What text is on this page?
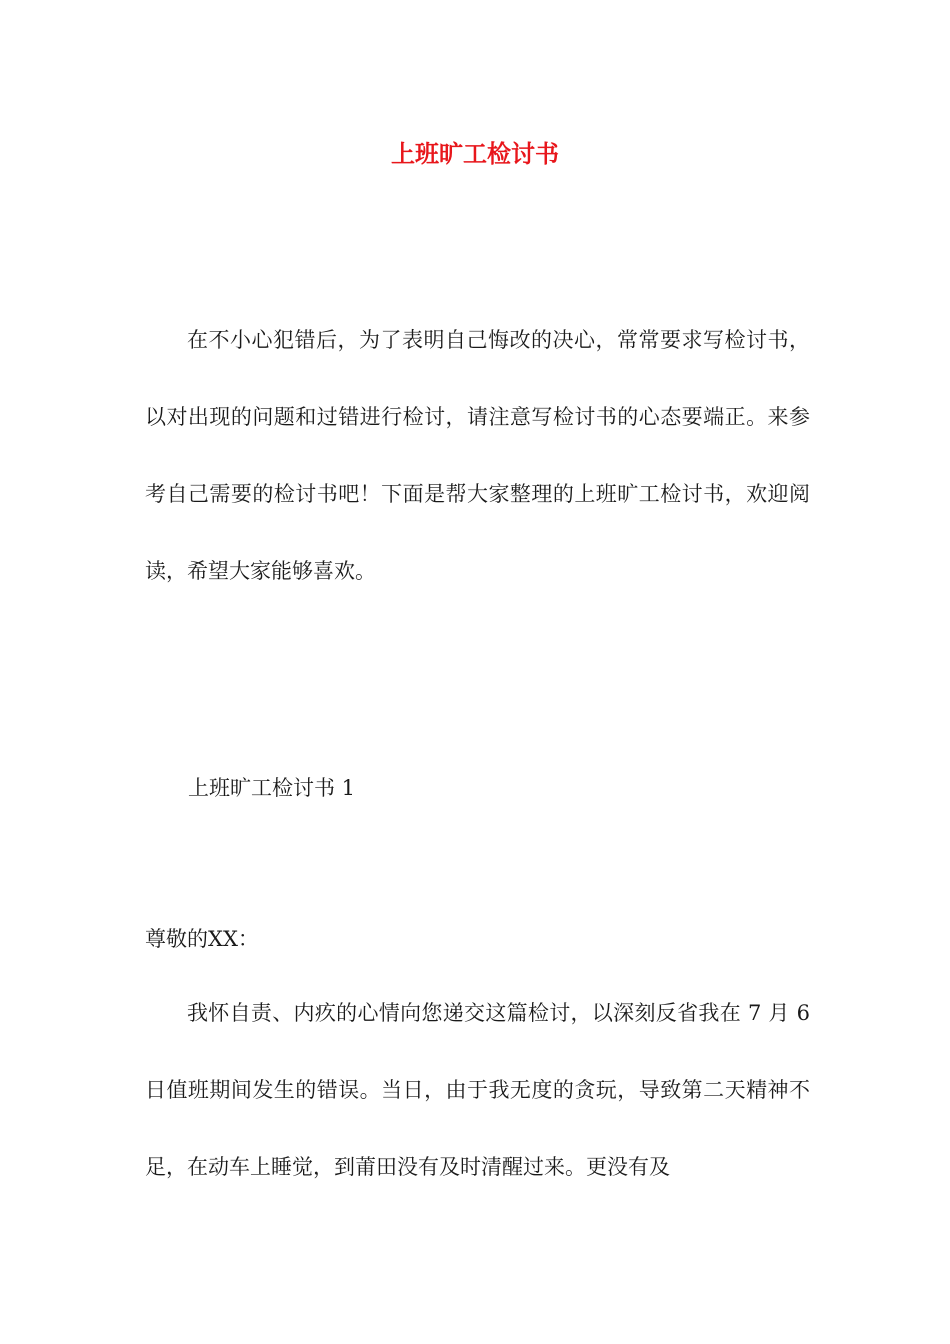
上班旷工检讨书

在不小心犯错后，为了表明自己悔改的决心，常常要求写检讨书，以对出现的问题和过错进行检讨，请注意写检讨书的心态要端正。来参考自己需要的检讨书吧！下面是帮大家整理的上班旷工检讨书，欢迎阅读，希望大家能够喜欢。

上班旷工检讨书 1

尊敬的XX：

我怀自责、内疚的心情向您递交这篇检讨，以深刻反省我在 7 月 6 日值班期间发生的错误。当日，由于我无度的贪玩，导致第二天精神不足，在动车上睡觉，到莆田没有及时清醒过来。更没有及
